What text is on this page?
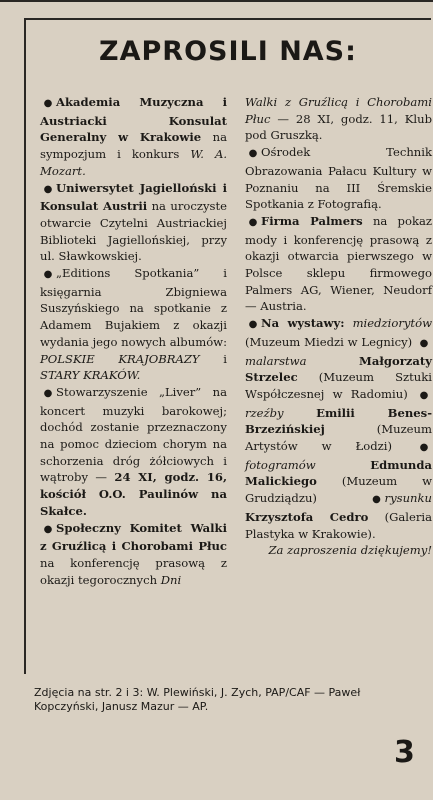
ZAPROSILI NAS:

● Akademia Muzyczna i Austriacki Konsulat Generalny w Krakowie na sympozjum i konkurs W. A. Mozart.

● Uniwersytet Jagielloński i Konsulat Austrii na uroczyste otwarcie Czytelni Austriackiej Biblioteki Jagiellońskiej, przy ul. Sławkowskiej.

● „Editions Spotkania” i księgarnia Zbigniewa Suszyńskiego na spotkanie z Adamem Bujakiem z okazji wydania jego nowych albumów: POLSKIE KRAJOBRAZY i STARY KRAKÓW.

● Stowarzyszenie „Liver” na koncert muzyki barokowej; dochód zostanie przeznaczony na pomoc dzieciom chorym na schorzenia dróg żółciowych i wątroby — 24 XI, godz. 16, kościół O.O. Paulinów na Skałce.

● Społeczny Komitet Walki z Gruźlicą i Chorobami Płuc na konferencję prasową z okazji tegorocznych Dni

Walki z Gruźlicą i Chorobami Płuc — 28 XI, godz. 11, Klub pod Gruszką.

● Ośrodek Technik Obrazowania Pałacu Kultury w Poznaniu na III Śremskie Spotkania z Fotografią.

● Firma Palmers na pokaz mody i konferencję prasową z okazji otwarcia pierwszego w Polsce sklepu firmowego Palmers AG, Wiener, Neudorf — Austria.

● Na wystawy: miedziorytów (Muzeum Miedzi w Legnicy) ●malarstwa	Małgorzaty Strzelec (Muzeum Sztuki Współczesnej w Radomiu) ●rzeźby	Emilii Benes-Brzezińskiej	(Muzeum Artystów w Łodzi)	●fotogramów	Edmunda Malickiego (Muzeum w Grudziądzu)	● rysunku Krzysztofa Cedro (Galeria Plastyka w Krakowie).

Za zaproszenia dziękujemy!

Zdjęcia na str. 2 i 3: W. Plewiński, J. Zych, PAP/CAF — Paweł Kopczyński, Janusz Mazur — AP.
3
